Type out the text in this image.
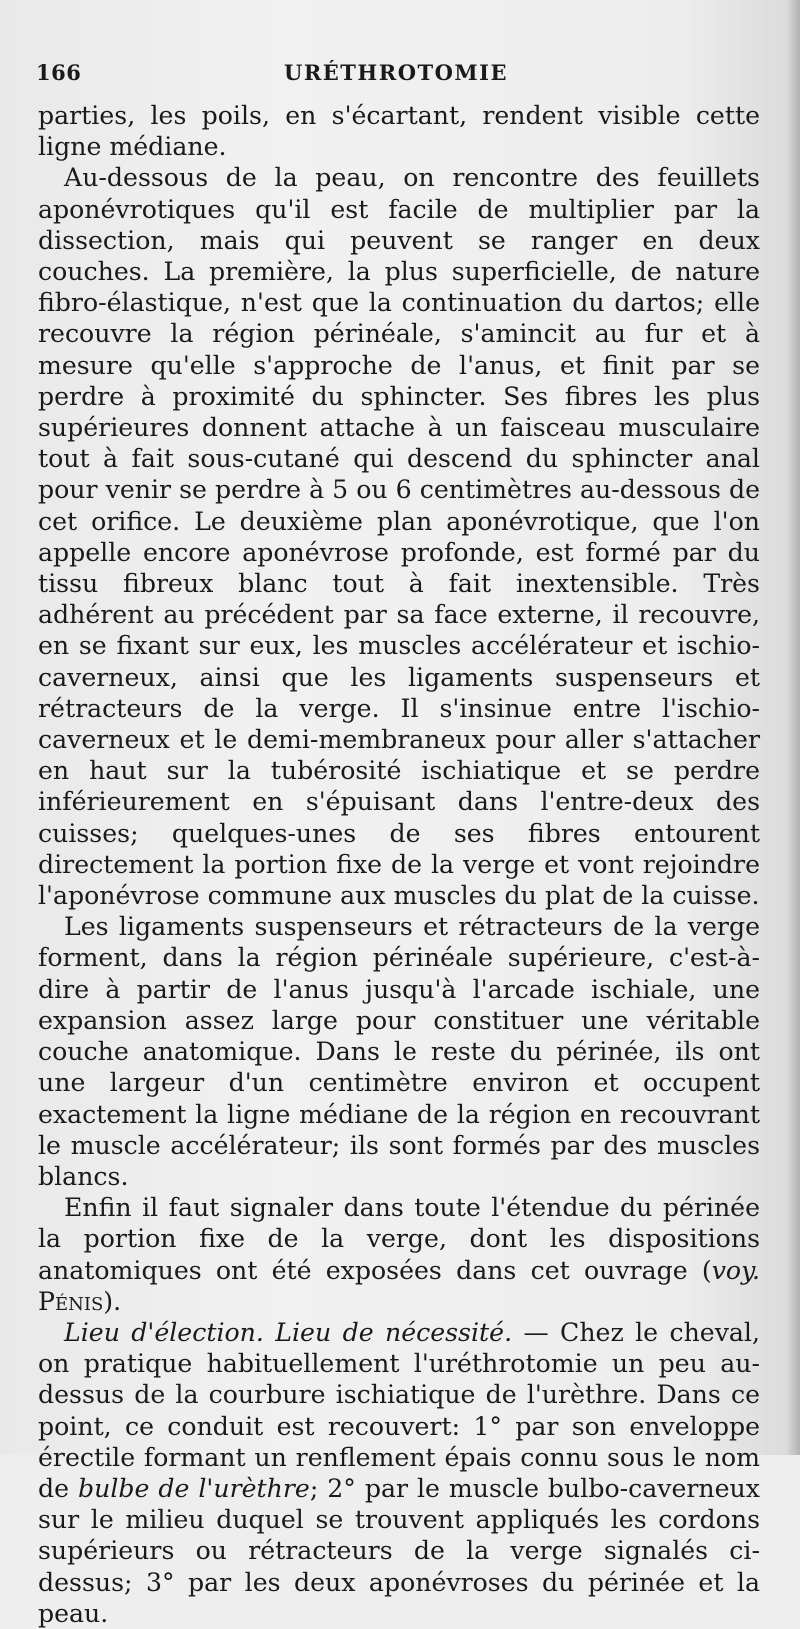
166	URÉTHROTOMIE

parties, les poils, en s'écartant, rendent visible cette ligne médiane.

Au-dessous de la peau, on rencontre des feuillets aponévrotiques qu'il est facile de multiplier par la dissection, mais qui peuvent se ranger en deux couches. La première, la plus superficielle, de nature fibro-élastique, n'est que la continuation du dartos; elle recouvre la région périnéale, s'amincit au fur et à mesure qu'elle s'approche de l'anus, et finit par se perdre à proximité du sphincter. Ses fibres les plus supérieures donnent attache à un faisceau musculaire tout à fait sous-cutané qui descend du sphincter anal pour venir se perdre à 5 ou 6 centimètres au-dessous de cet orifice. Le deuxième plan aponévrotique, que l'on appelle encore aponévrose profonde, est formé par du tissu fibreux blanc tout à fait inextensible. Très adhérent au précédent par sa face externe, il recouvre, en se fixant sur eux, les muscles accélérateur et ischio-caverneux, ainsi que les ligaments suspenseurs et rétracteurs de la verge. Il s'insinue entre l'ischio-caverneux et le demi-membraneux pour aller s'attacher en haut sur la tubérosité ischiatique et se perdre inférieurement en s'épuisant dans l'entre-deux des cuisses; quelques-unes de ses fibres entourent directement la portion fixe de la verge et vont rejoindre l'aponévrose commune aux muscles du plat de la cuisse.

Les ligaments suspenseurs et rétracteurs de la verge forment, dans la région périnéale supérieure, c'est-à-dire à partir de l'anus jusqu'à l'arcade ischiale, une expansion assez large pour constituer une véritable couche anatomique. Dans le reste du périnée, ils ont une largeur d'un centimètre environ et occupent exactement la ligne médiane de la région en recouvrant le muscle accélérateur; ils sont formés par des muscles blancs.

Enfin il faut signaler dans toute l'étendue du périnée la portion fixe de la verge, dont les dispositions anatomiques ont été exposées dans cet ouvrage (voy. Pénis).

Lieu d'élection. Lieu de nécessité. — Chez le cheval, on pratique habituellement l'uréthrotomie un peu au-dessus de la courbure ischiatique de l'urèthre. Dans ce point, ce conduit est recouvert: 1° par son enveloppe érectile formant un renflement épais connu sous le nom de bulbe de l'urèthre; 2° par le muscle bulbo-caverneux sur le milieu duquel se trouvent appliqués les cordons supérieurs ou rétracteurs de la verge signalés ci-dessus; 3° par les deux aponévroses du périnée et la peau.
